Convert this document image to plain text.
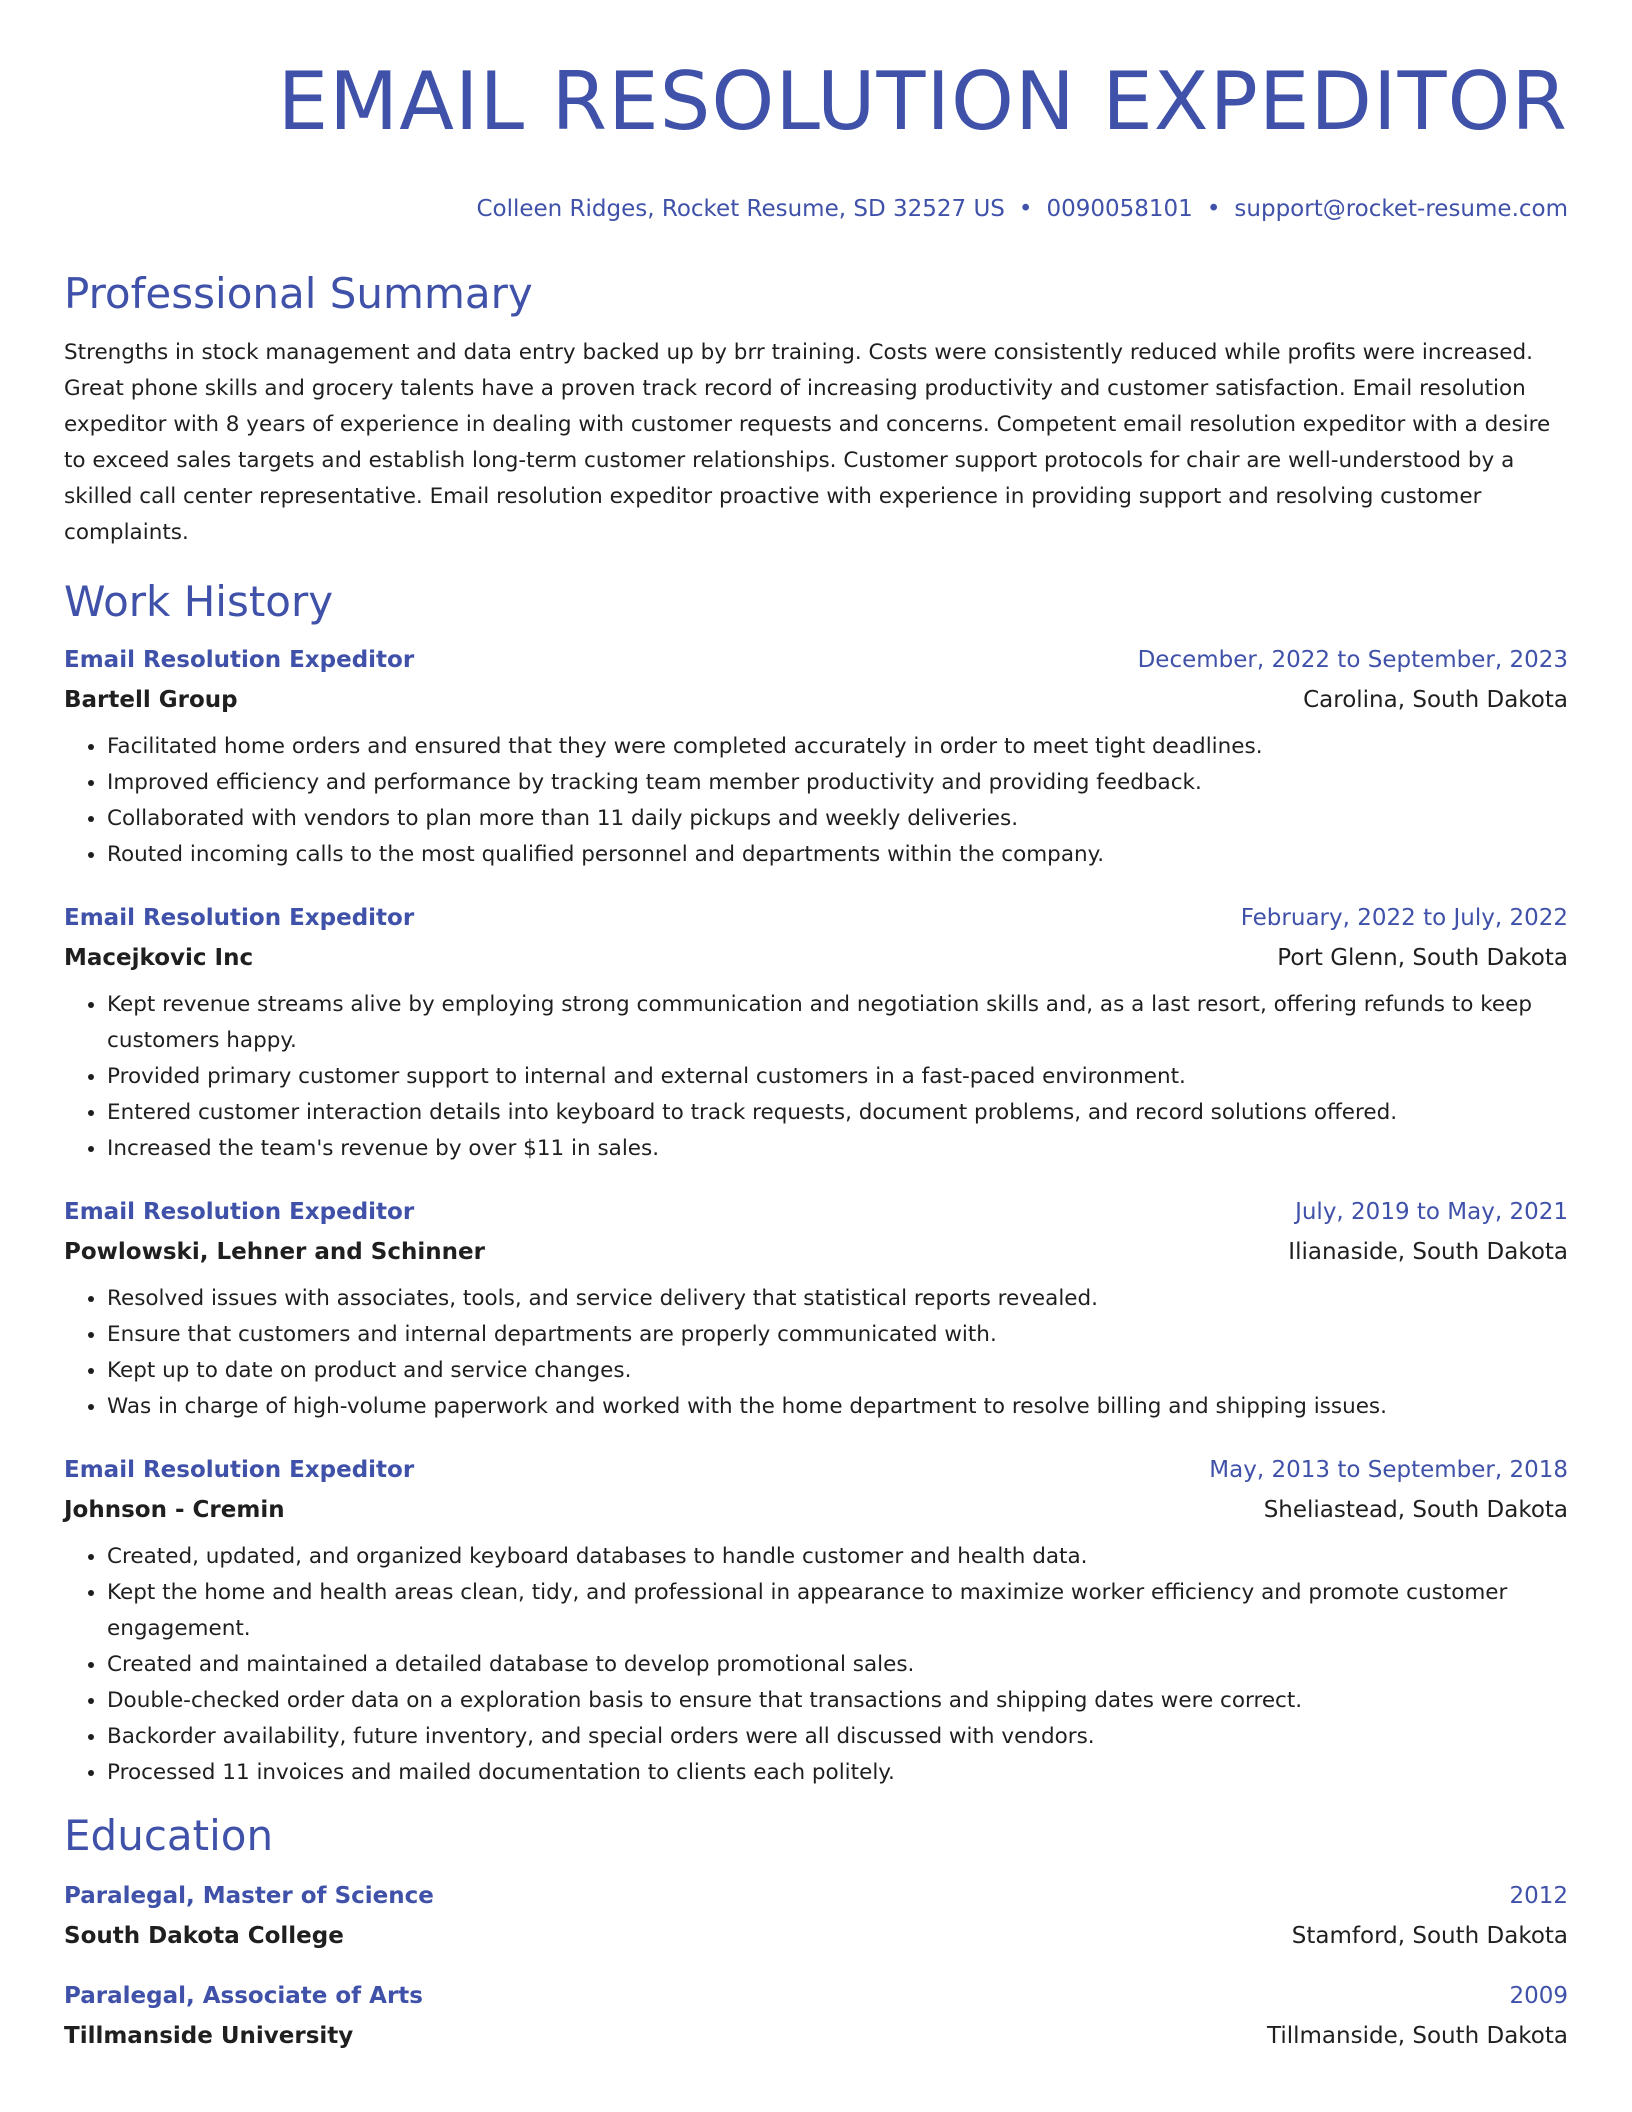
EMAIL RESOLUTION EXPEDITOR
Colleen Ridges, Rocket Resume, SD 32527 US • 0090058101 • support@rocket-resume.com
Professional Summary
Strengths in stock management and data entry backed up by brr training. Costs were consistently reduced while profits were increased. Great phone skills and grocery talents have a proven track record of increasing productivity and customer satisfaction. Email resolution expeditor with 8 years of experience in dealing with customer requests and concerns. Competent email resolution expeditor with a desire to exceed sales targets and establish long-term customer relationships. Customer support protocols for chair are well-understood by a skilled call center representative. Email resolution expeditor proactive with experience in providing support and resolving customer complaints.
Work History
Email Resolution Expeditor	December, 2022 to September, 2023
Bartell Group	Carolina, South Dakota
• Facilitated home orders and ensured that they were completed accurately in order to meet tight deadlines.
• Improved efficiency and performance by tracking team member productivity and providing feedback.
• Collaborated with vendors to plan more than 11 daily pickups and weekly deliveries.
• Routed incoming calls to the most qualified personnel and departments within the company.
Email Resolution Expeditor	February, 2022 to July, 2022
Macejkovic Inc	Port Glenn, South Dakota
• Kept revenue streams alive by employing strong communication and negotiation skills and, as a last resort, offering refunds to keep customers happy.
• Provided primary customer support to internal and external customers in a fast-paced environment.
• Entered customer interaction details into keyboard to track requests, document problems, and record solutions offered.
• Increased the team's revenue by over $11 in sales.
Email Resolution Expeditor	July, 2019 to May, 2021
Powlowski, Lehner and Schinner	Ilianaside, South Dakota
• Resolved issues with associates, tools, and service delivery that statistical reports revealed.
• Ensure that customers and internal departments are properly communicated with.
• Kept up to date on product and service changes.
• Was in charge of high-volume paperwork and worked with the home department to resolve billing and shipping issues.
Email Resolution Expeditor	May, 2013 to September, 2018
Johnson - Cremin	Sheliastead, South Dakota
• Created, updated, and organized keyboard databases to handle customer and health data.
• Kept the home and health areas clean, tidy, and professional in appearance to maximize worker efficiency and promote customer engagement.
• Created and maintained a detailed database to develop promotional sales.
• Double-checked order data on a exploration basis to ensure that transactions and shipping dates were correct.
• Backorder availability, future inventory, and special orders were all discussed with vendors.
• Processed 11 invoices and mailed documentation to clients each politely.
Education
Paralegal, Master of Science	2012
South Dakota College	Stamford, South Dakota
Paralegal, Associate of Arts	2009
Tillmanside University	Tillmanside, South Dakota
